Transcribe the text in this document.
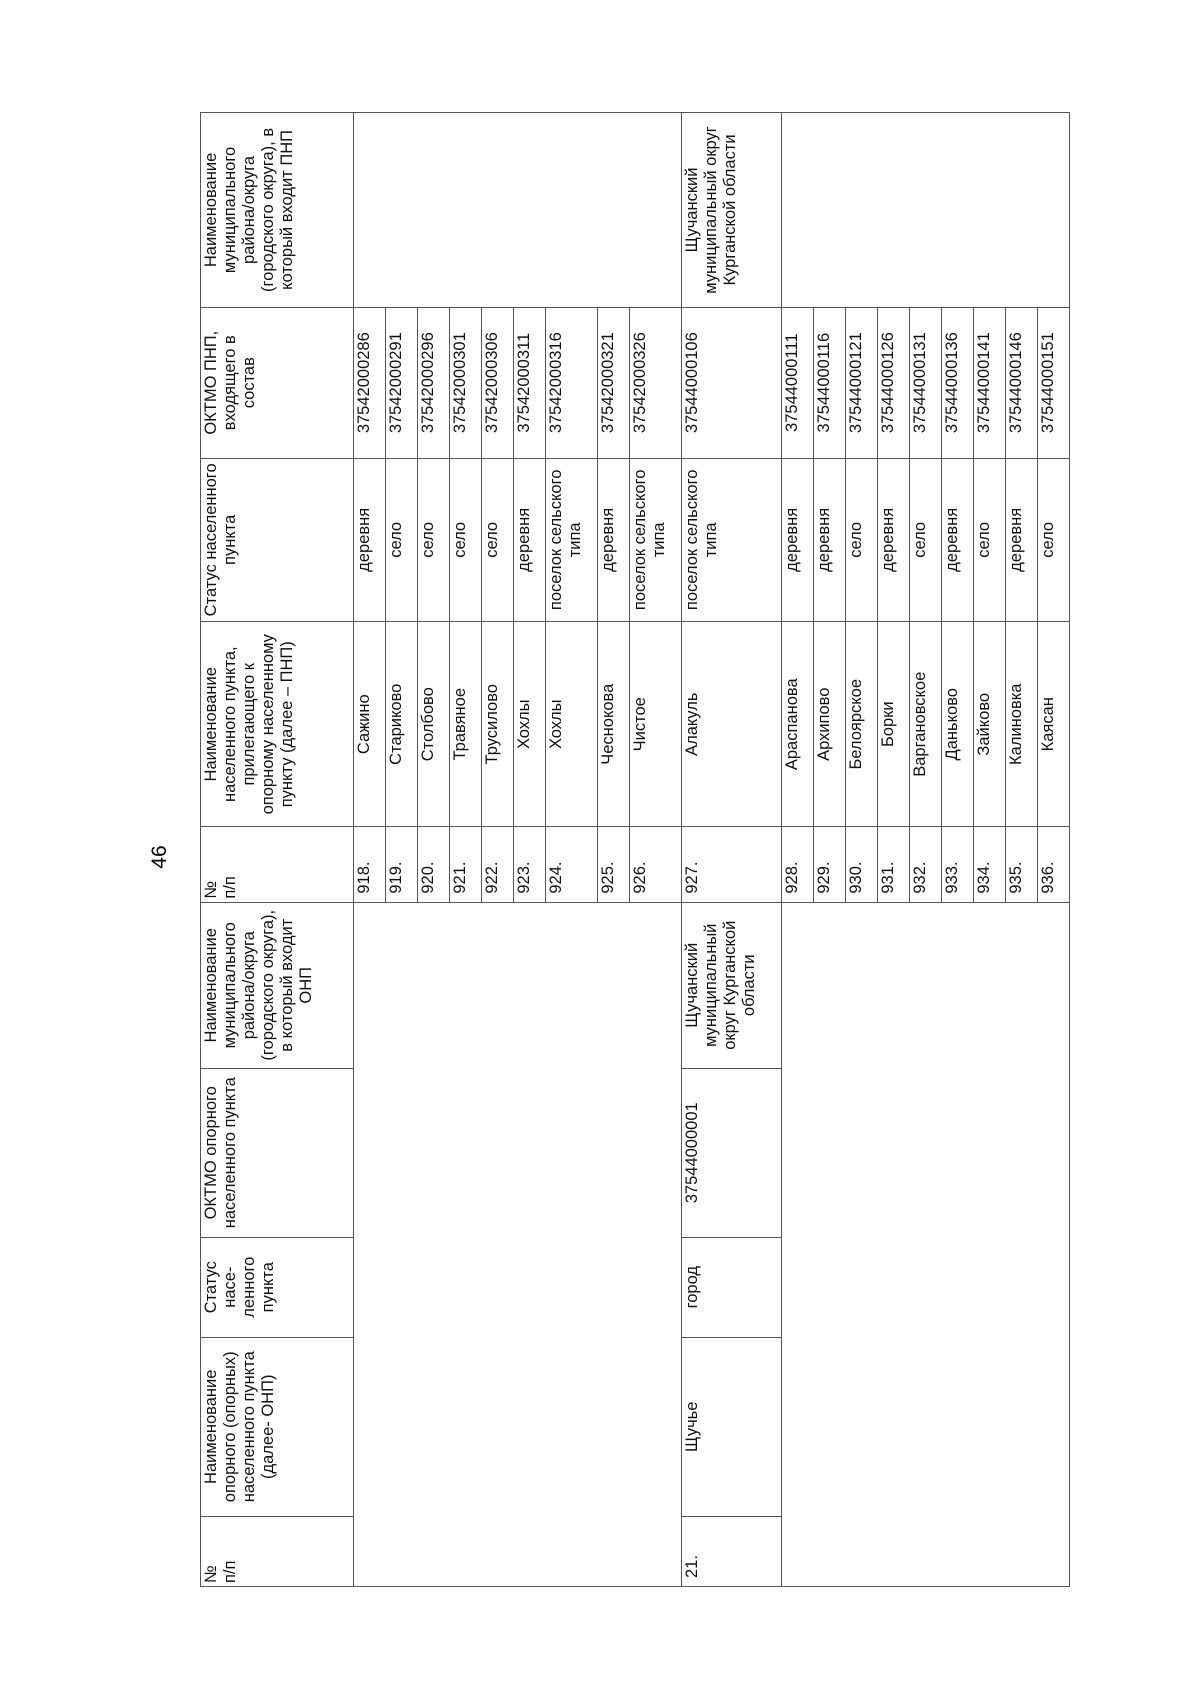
46
№
п/п	Наименование опорного (опорных) населенного пункта (далее- ОНП)	Статус насе-ленного пункта	ОКТМО опорного населенного пункта	Наименование муниципального района/округа (городского округа), в который входит ОНП	№
п/п	Наименование населенного пункта, прилегающего к опорному населенному пункту (далее – ПНП)	Статус населенного пункта	ОКТМО ПНП, входящего в состав	Наименование муниципального района/округа (городского округа), в который входит ПНП
					918.	Сажино	деревня	37542000286	
					919.	Стариково	село	37542000291	
					920.	Столбово	село	37542000296	
					921.	Травяное	село	37542000301	
					922.	Трусилово	село	37542000306	
					923.	Хохлы	деревня	37542000311	
					924.	Хохлы	поселок сельского типа	37542000316	
					925.	Чеснокова	деревня	37542000321	
					926.	Чистое	поселок сельского типа	37542000326	
21.	Щучье	город	37544000001	Щучанский муниципальный округ Курганской области	927.	Алакуль	поселок сельского типа	37544000106	Щучанский муниципальный округ Курганской области
					928.	Араспанова	деревня	37544000111	
					929.	Архипово	деревня	37544000116	
					930.	Белоярское	село	37544000121	
					931.	Борки	деревня	37544000126	
					932.	Варгановское	село	37544000131	
					933.	Даньково	деревня	37544000136	
					934.	Зайково	село	37544000141	
					935.	Калиновка	деревня	37544000146	
					936.	Каясан	село	37544000151	
